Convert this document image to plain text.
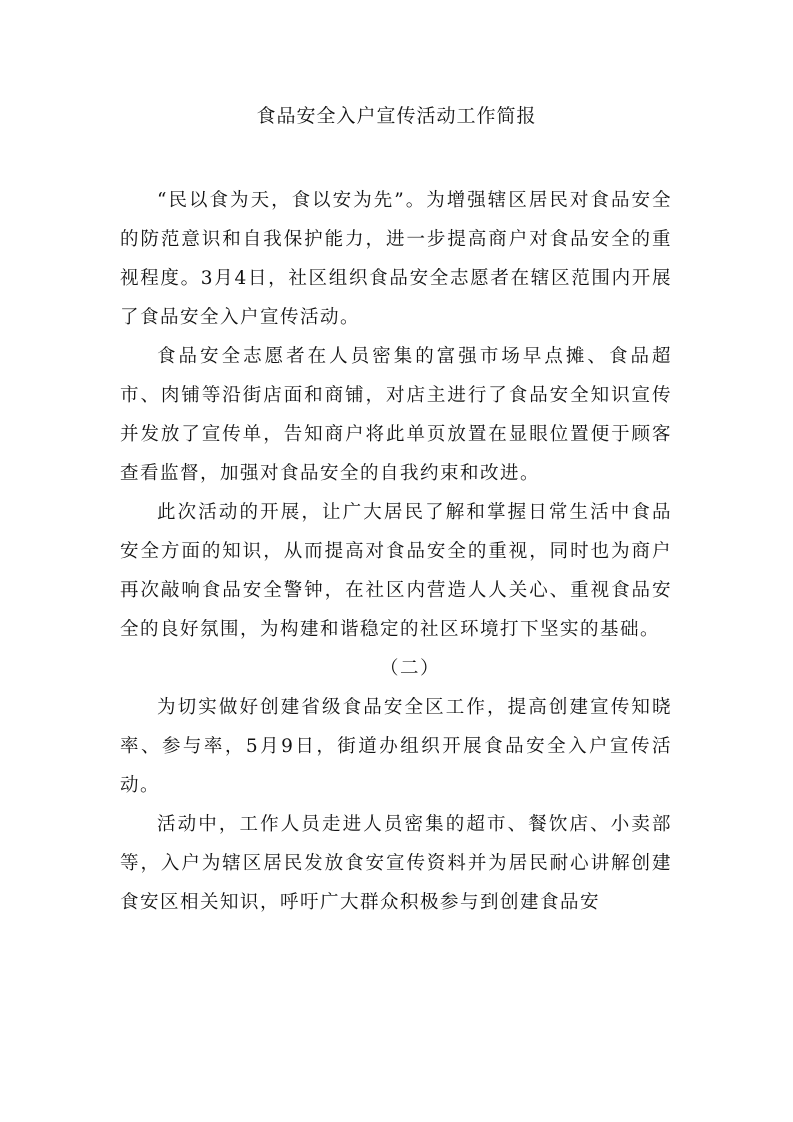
食品安全入户宣传活动工作简报

“民以食为天，食以安为先”。为增强辖区居民对食品安全的防范意识和自我保护能力，进一步提高商户对食品安全的重视程度。3月4日，社区组织食品安全志愿者在辖区范围内开展了食品安全入户宣传活动。

食品安全志愿者在人员密集的富强市场早点摊、食品超市、肉铺等沿街店面和商铺，对店主进行了食品安全知识宣传并发放了宣传单，告知商户将此单页放置在显眼位置便于顾客查看监督，加强对食品安全的自我约束和改进。

此次活动的开展，让广大居民了解和掌握日常生活中食品安全方面的知识，从而提高对食品安全的重视，同时也为商户再次敲响食品安全警钟，在社区内营造人人关心、重视食品安全的良好氛围，为构建和谐稳定的社区环境打下坚实的基础。

（二）

为切实做好创建省级食品安全区工作，提高创建宣传知晓率、参与率，5月9日，街道办组织开展食品安全入户宣传活动。

活动中，工作人员走进人员密集的超市、餐饮店、小卖部等，入户为辖区居民发放食安宣传资料并为居民耐心讲解创建食安区相关知识，呼吁广大群众积极参与到创建食品安
